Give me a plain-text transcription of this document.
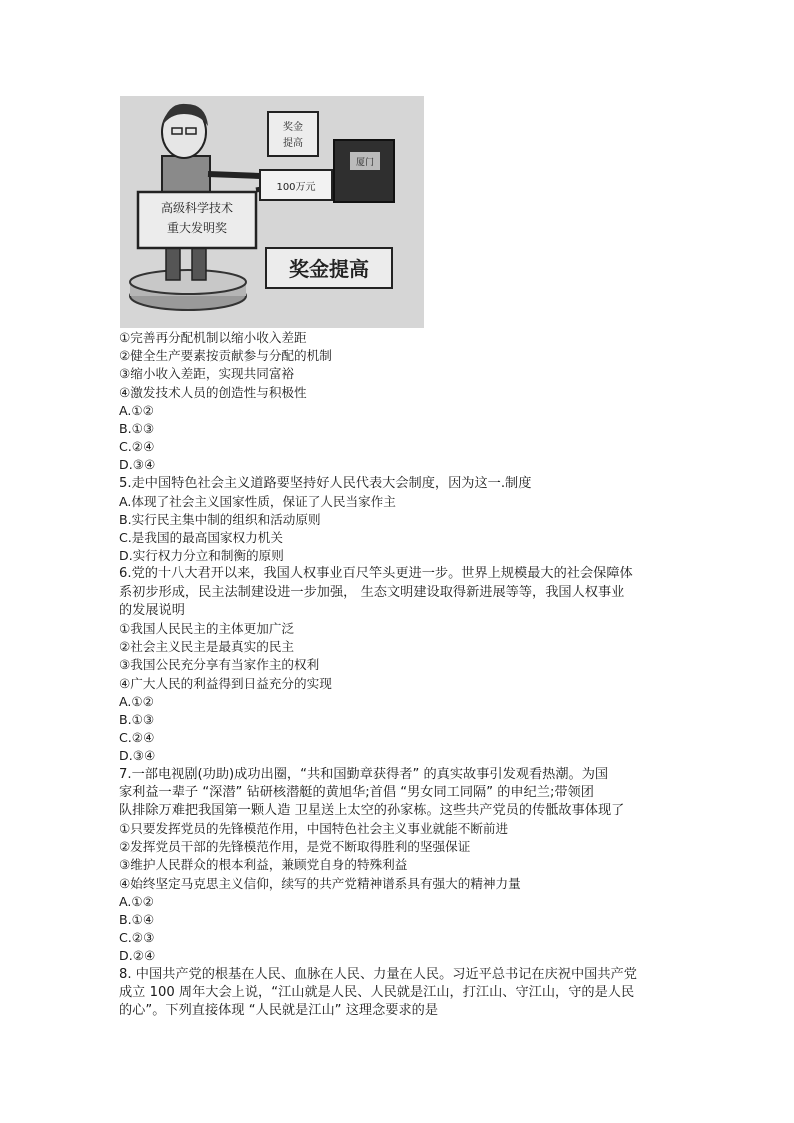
高级科学技术
重大发明奖
奖金
提高
100万元
厦门
奖金提高
①完善再分配机制以缩小收入差距
②健全生产要素按贡献参与分配的机制
③缩小收入差距，实现共同富裕
④激发技术人员的创造性与积极性
A.①②
B.①③
C.②④
D.③④
5.走中国特色社会主义道路要坚持好人民代表大会制度，因为这一.制度
A.体现了社会主义国家性质，保证了人民当家作主
B.实行民主集中制的组织和活动原则
C.是我国的最高国家权力机关
D.实行权力分立和制衡的原则
6.党的十八大君开以来，我国人权事业百尺竿头更进一步。世界上规模最大的社会保障体
系初步形成，民主法制建设进一步加强， 生态文明建设取得新进展等等，我国人权事业
的发展说明
①我国人民民主的主体更加广泛
②社会主义民主是最真实的民主
③我国公民充分享有当家作主的权利
④广大人民的利益得到日益充分的实现
A.①②
B.①③
C.②④
D.③④
7.一部电视剧(功助)成功出圈，“共和国勤章获得者” 的真实故事引发观看热潮。为国
家利益一辈子 “深潜” 钻研核潜艇的黄旭华;首倡 “男女同工同隔” 的申纪兰;带领团
队排除万难把我国第一颗人造 卫星送上太空的孙家栋。这些共产党员的传骶故事体现了
①只要发挥党员的先锋模范作用，中国特色社会主义事业就能不断前进
②发挥党员干部的先锋模范作用，是党不断取得胜利的坚强保证
③维护人民群众的根本利益，兼顾党自身的特殊利益
④始终坚定马克思主义信仰，续写的共产党精神谱系具有强大的精神力量
A.①②
B.①④
C.②③
D.②④
8. 中国共产党的根基在人民、血脉在人民、力量在人民。习近平总书记在庆祝中国共产党
成立 100 周年大会上说，“江山就是人民、人民就是江山，打江山、守江山，守的是人民
的心”。下列直接体现 “人民就是江山” 这理念要求的是
